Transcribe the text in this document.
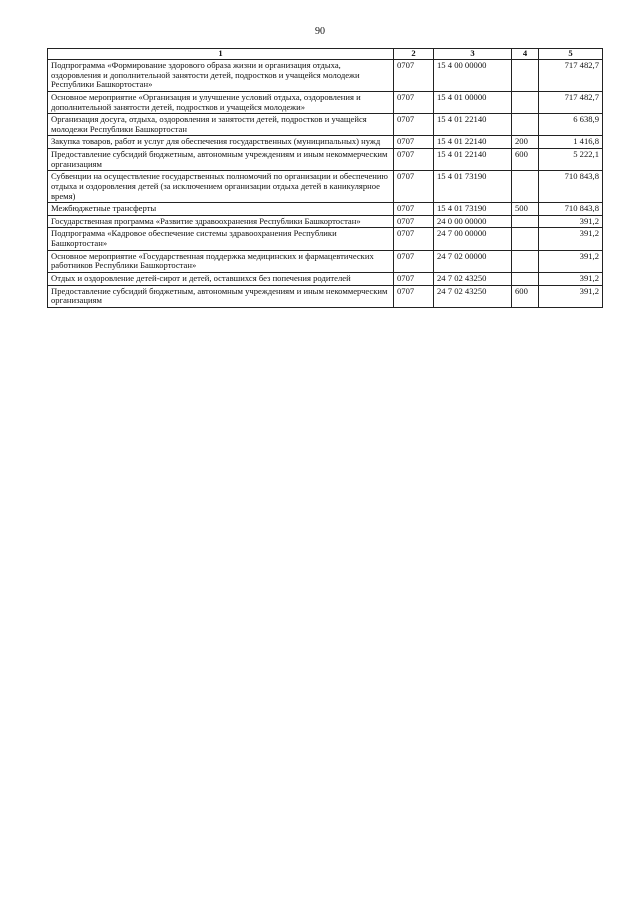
90
1	2	3	4	5
Подпрограмма «Формирование здорового образа жизни и организация отдыха, оздоровления и дополнительной занятости детей, подростков и учащейся молодежи Республики Башкортостан»	0707	15 4 00 00000		717 482,7
Основное мероприятие «Организация и улучшение условий отдыха, оздоровления и дополнительной занятости детей, подростков и учащейся молодежи»	0707	15 4 01 00000		717 482,7
Организация досуга, отдыха, оздоровления и занятости детей, подростков и учащейся молодежи Республики Башкортостан	0707	15 4 01 22140		6 638,9
Закупка товаров, работ и услуг для обеспечения государственных (муниципальных) нужд	0707	15 4 01 22140	200	1 416,8
Предоставление субсидий бюджетным, автономным учреждениям и иным некоммерческим организациям	0707	15 4 01 22140	600	5 222,1
Субвенции на осуществление государственных полномочий по организации и обеспечению отдыха и оздоровления детей (за исключением организации отдыха детей в каникулярное время)	0707	15 4 01 73190		710 843,8
Межбюджетные трансферты	0707	15 4 01 73190	500	710 843,8
Государственная программа «Развитие здравоохранения Республики Башкортостан»	0707	24 0 00 00000		391,2
Подпрограмма «Кадровое обеспечение системы здравоохранения Республики Башкортостан»	0707	24 7 00 00000		391,2
Основное мероприятие «Государственная поддержка медицинских и фармацевтических работников Республики Башкортостан»	0707	24 7 02 00000		391,2
Отдых и оздоровление детей-сирот и детей, оставшихся без попечения родителей	0707	24 7 02 43250		391,2
Предоставление субсидий бюджетным, автономным учреждениям и иным некоммерческим организациям	0707	24 7 02 43250	600	391,2
